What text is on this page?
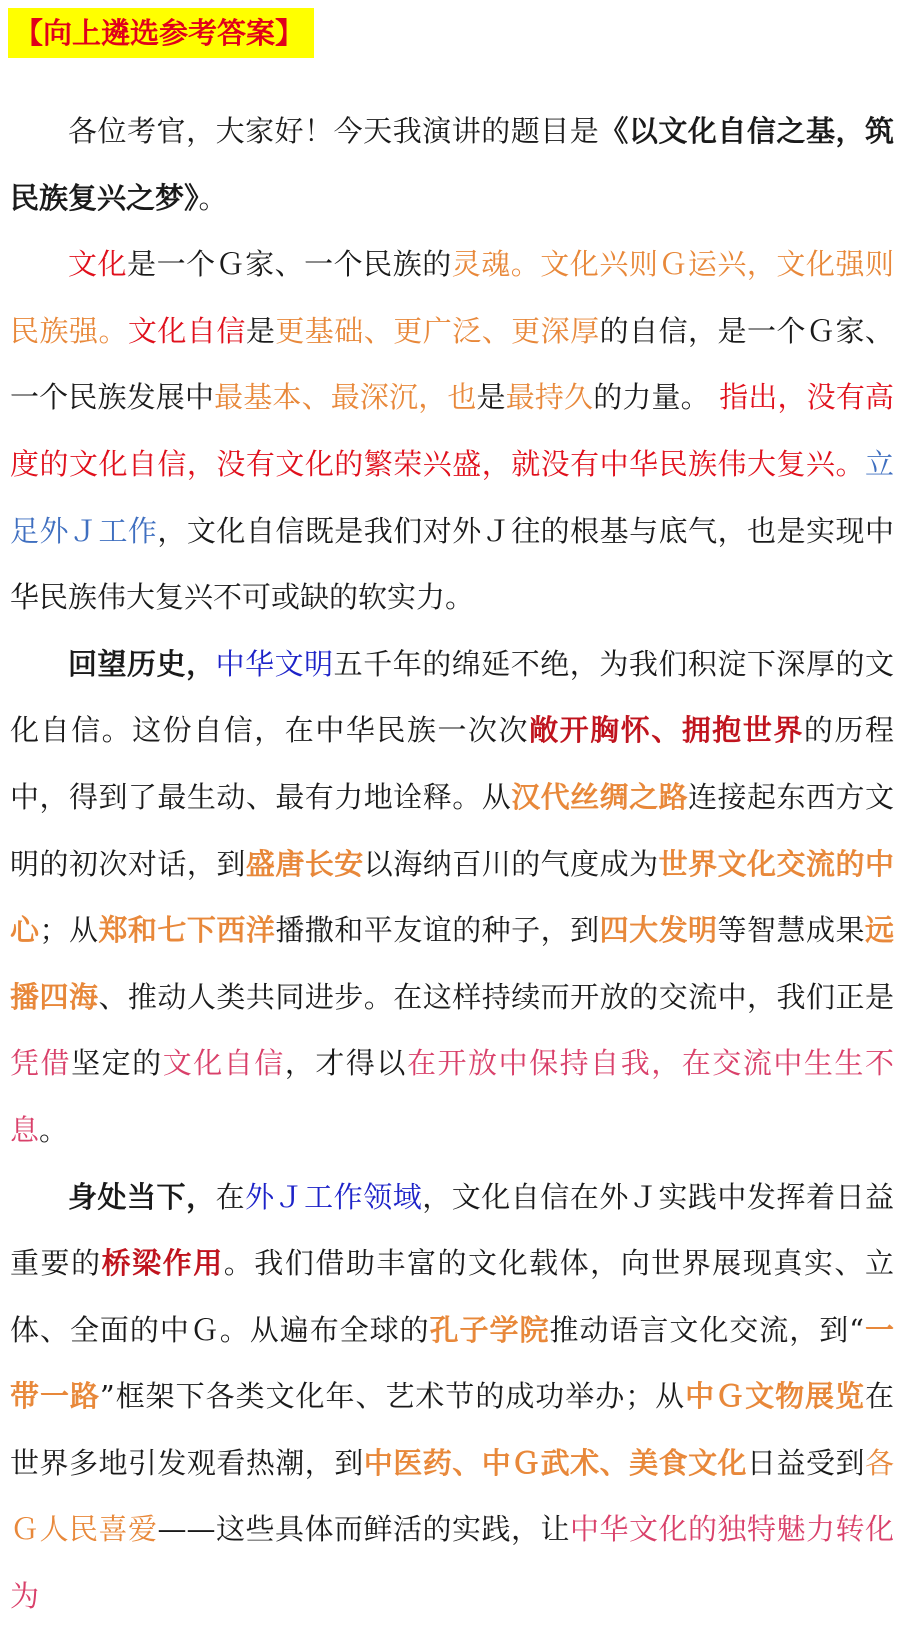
【向上遴选参考答案】

各位考官，大家好！今天我演讲的题目是《以文化自信之基，筑民族复兴之梦》。

文化是一个Ｇ家、一个民族的灵魂。文化兴则Ｇ运兴，文化强则民族强。文化自信是更基础、更广泛、更深厚的自信，是一个Ｇ家、一个民族发展中最基本、最深沉，也是最持久的力量。 指出，没有高度的文化自信，没有文化的繁荣兴盛，就没有中华民族伟大复兴。立足外Ｊ工作，文化自信既是我们对外Ｊ往的根基与底气，也是实现中华民族伟大复兴不可或缺的软实力。

回望历史，中华文明五千年的绵延不绝，为我们积淀下深厚的文化自信。这份自信，在中华民族一次次敞开胸怀、拥抱世界的历程中，得到了最生动、最有力地诠释。从汉代丝绸之路连接起东西方文明的初次对话，到盛唐长安以海纳百川的气度成为世界文化交流的中心；从郑和七下西洋播撒和平友谊的种子，到四大发明等智慧成果远播四海、推动人类共同进步。在这样持续而开放的交流中，我们正是凭借坚定的文化自信，才得以在开放中保持自我，在交流中生生不息。

身处当下，在外Ｊ工作领域，文化自信在外Ｊ实践中发挥着日益重要的桥梁作用。我们借助丰富的文化载体，向世界展现真实、立体、全面的中Ｇ。从遍布全球的孔子学院推动语言文化交流，到“一带一路”框架下各类文化年、艺术节的成功举办；从中Ｇ文物展览在世界多地引发观看热潮，到中医药、中Ｇ武术、美食文化日益受到各Ｇ人民喜爱——这些具体而鲜活的实践，让中华文化的独特魅力转化为
